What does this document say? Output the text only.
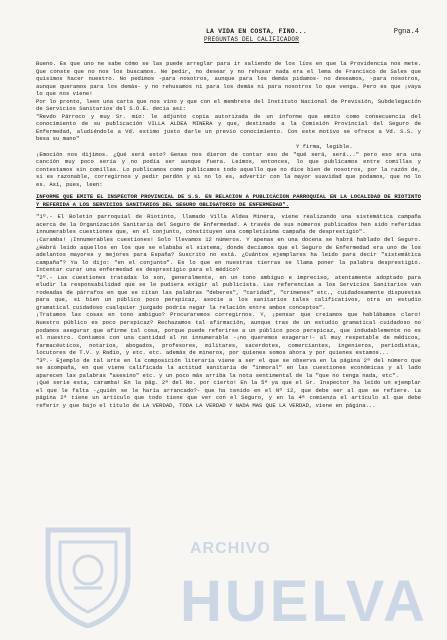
LA VIDA EN COSTA, FINO...
PREGUNTAS DEL CALIFICADOR
Pgna.4

Bueno. Es que uno ne sabe cómo se las puede arreglar para ir saliendo de los líos en que la Providencia nos mete. Que conste que no nos los buscamos. Ne pedir, no desear y no rehusar nada era el lema de Francisco de Sales que quisimos hacer nuestro. No pedimos -para nosotros, aunque para los demás pidamos- no deseamos, -para nosotros, aunque queramos para los demás- y no rehusamos ni para los demás ni para nosotros lo que venga. Pero es que ¡vaya lo que nos viene!

Por lo pronto, leen una carta que nos vino y que con el membrete del Instituto Nacional de Previsión, Subdelegación de Servicios Sanitarios del S.O.E. decía así:

"Revdo Párroco y muy Sr. mío: le adjunto copia autorizada de un informe que emito como consecuencia del conocimiento de su publicación VILLA ALDEA MINERA y que, destinado a la Comisión Provincial del Seguro de Enfermedad, aludiéndole a Vd. estimo justo darle un previo conocimiento. Con este motivo se ofrece a Vd. S.S. y besa su mano"

Y firma, legible.

¡Emoción nos dijimos. ¿Qué será esto? Genas nos dieron de contar eso de "qué será, será..." pero eso era una canción muy poco seria y no podía ser aunque fuera. Leímos, entonces, lo que publicamos entre comillas y contestamos sin comillas. Lo publicamos como publicamos todo aquello que no dice bien de nosotros, por la razón de, si es razonable, corregirnos y pedir perdón y si no lo es, advertir con la mayor suavidad que podamos, que no lo es. Así, pues, leen:

INFORME QUE EMITE EL INSPECTOR PROVINCIAL DE S.S. EN RELACION A PUBLICACION PARROQUIAL EN LA LOCALIDAD DE RIOTINTO Y REFERIDA A LOS SERVICIOS SANITARIOS DEL SEGURO OBLIGATORIO DE ENFERMEDAD".

"1º.- El Boletín parroquial de Riotinto, llamado Villa Aldea Minera, viene realizando una sistemática campaña acerca de la Organización Sanitaria del Seguro de Enfermedad. A través de sus números publicados hen sido referidas innumerables cuestiones que, en el conjunto, constituyen una completísima campaña de desprestigio".

¡Caramba! ¡Innumerables cuestiones! Solo llevamos 12 números. Y apenas en una docena se habrá hablado del Seguro. ¿Habrá leído aquellos en los que se elababa el sistema, donde decíamos que el Seguro de Enfermedad era uno de los adelantos mayores y mejores para España? Suscrito no está. ¿Cuántos ejemplares ha leído para decir "sistemática campaña"? Ya lo dijo: "en el conjunto". Es lo que en nuestras tierras se llama poner la palabra desprestigio. Intentar curar una enfermedad es desprestigio para el médico?

"2º.- Las cuestiones tratadas lo son, generalmente, en un tono ambiguo e impreciso, atentamente adoptado para eludir la responsabilidad que se le pudiera exigir al publicista. Las referencias a los Servicios Sanitarios van rodeadas de párrafos en que se citan las palabras "deberes", "caridad", "crímenes" etc., cuidadosamente dispuestas para que, si bien un público poco perspicaz, asocie a los sanitarios tales calificativos, otra un estudio gramatical cuidadoso cualquier juzgado podría negar la relación entre ambos conceptos".

¡Tratamos las cosas en tono ambiguo? Procuraremos corregirnos. Y, ¡pensar que creíamos que hablábamos claro! Nuestro público es poco perspicaz? Rechazamos tal afirmación, aunque tras de un estudio gramatical cuidadoso no podamos asegurar que afirme tal cosa, porque puede referirse a un público poco perspicaz, que indudablemente no es el nuestro. Contamos con una cantidad al no innumerable -¡no queremos exagerar!- al muy respetable de médicos, farmacéuticos, notarios, abogados, profesores, militares, sacerdotes, comerciantes, ingenieros, periodistas, locutores de T.V. y Radio, y etc. etc. además de mineros, por quienes somos ahora y por quienes estamos...

"3º.- Ejemplo de tal arte en la composición literaria viene a ser el que se observa en la página 2ª del número que se acompaña, en que viene calificada la actitud sanitaria de "inmoral" en las cuestiones económicas y al lado aparecen las palabras "asesino" etc. y un poco más arriba la nota sentimental de la "que no tenga nada, etc".

¡Qué serie esta, caramba! En la pág. 2ª del No. por cierto! En la 5ª ya que el Sr. Inspector ha leído un ejemplar el que le falta -¿quién se le haría arrancado?- que ha tenido en el Nº 12, que debe ser al que se refiere. La página 2ª tiene un artículo que todo tiene que ver con el Seguro, y en la 4ª comienza el artículo al que debe referir y que bajo el título de LA VERDAD, TODA LA VERDAD Y NADA MAS QUE LA VERDAD, viene en página...

ARCHIVO
HUELVA
